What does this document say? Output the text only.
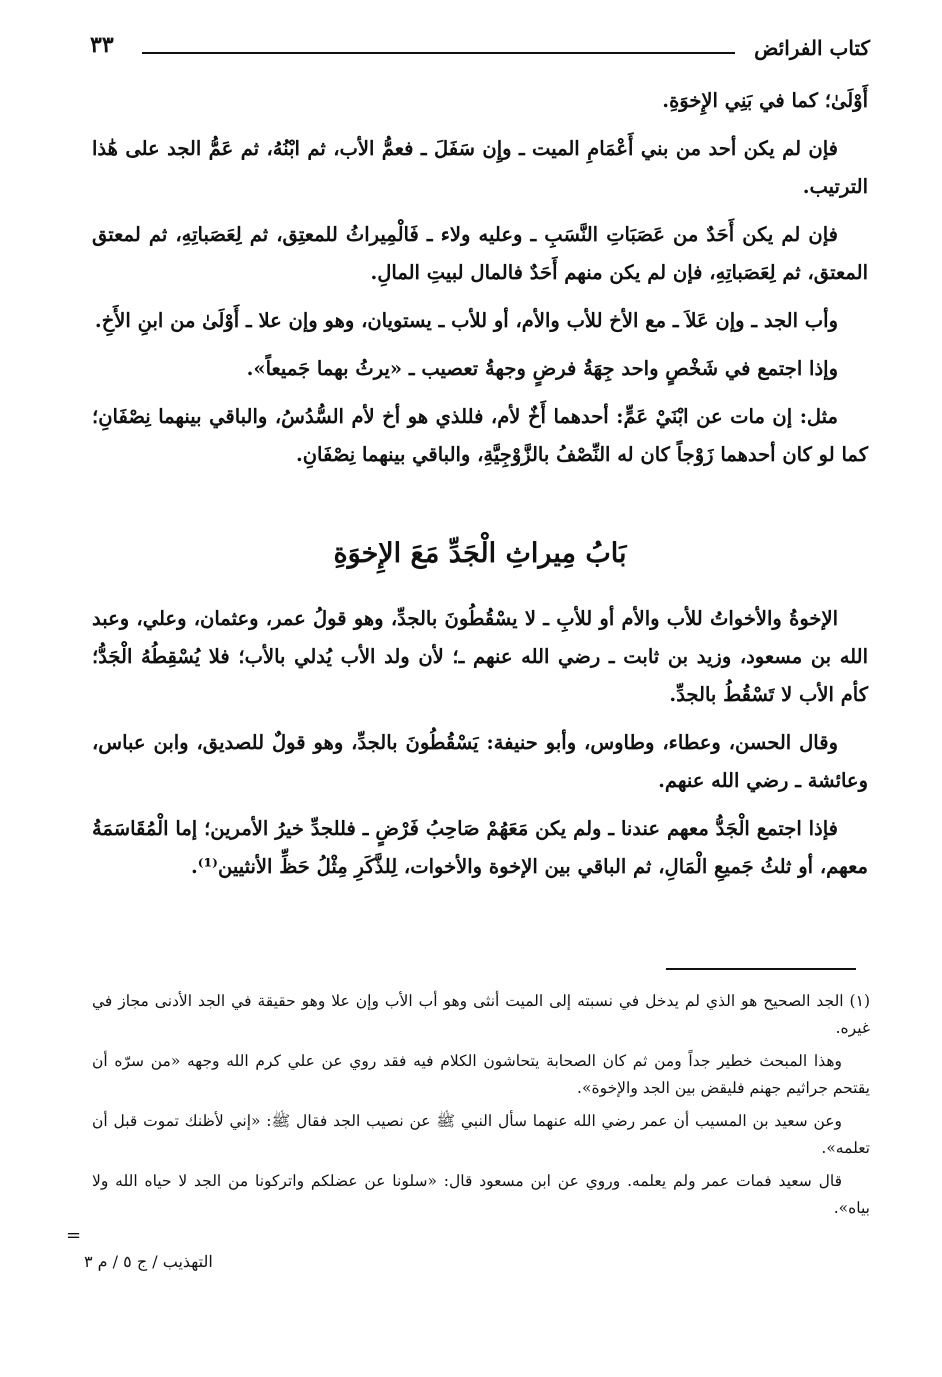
كتاب الفرائض
٣٣

أَوْلَىٰ؛ كما في بَنِي الإِخوَةِ.

فإن لم يكن أحد من بني أَعْمَامِ الميت ـ وإِن سَفَلَ ـ فعمُّ الأب، ثم ابْنُهُ، ثم عَمُّ الجد على هَٰذا الترتيب.

فإن لم يكن أَحَدٌ من عَصَبَاتِ النَّسَبِ ـ وعليه ولاء ـ فَالْمِيراثُ للمعتِق، ثم لِعَصَباتِهِ، ثم لمعتق المعتق، ثم لِعَصَباتِهِ، فإن لم يكن منهم أَحَدٌ فالمال لبيتِ المالِ.

وأب الجد ـ وإن عَلاَ ـ مع الأخ للأب والأم، أو للأب ـ يستويان، وهو وإن علا ـ أَوْلَىٰ من ابنِ الأَخِ.

وإذا اجتمع في شَخْصٍ واحد جِهَةُ فرضٍ وجهةُ تعصيب ـ «يرثُ بهما جَميعاً».

مثل: إن مات عن ابْنَيْ عَمٍّ: أحدهما أَخٌ لأم، فللذي هو أخ لأم السُّدُسُ، والباقي بينهما نِصْفَانِ؛ كما لو كان أحدهما زَوْجاً كان له النِّصْفُ بالزَّوْجِيَّةِ، والباقي بينهما نِصْفَانِ.

بَابُ مِيراثِ الْجَدِّ مَعَ الإِخوَةِ

الإخوةُ والأخواتُ للأب والأم أو للأبِ ـ لا يسْقُطُونَ بالجدِّ، وهو قولُ عمر، وعثمان، وعلي، وعبد الله بن مسعود، وزيد بن ثابت ـ رضي الله عنهم ـ؛ لأن ولد الأب يُدلي بالأب؛ فلا يُسْقِطُهُ الْجَدُّ؛ كأم الأب لا تَسْقُطُ بالجدِّ.

وقال الحسن، وعطاء، وطاوس، وأبو حنيفة: يَسْقُطُونَ بالجدِّ، وهو قولٌ للصديق، وابن عباس، وعائشة ـ رضي الله عنهم.

فإذا اجتمع الْجَدُّ معهم عندنا ـ ولم يكن مَعَهُمْ صَاحِبُ فَرْضٍ ـ فللجدِّ خيرُ الأمرين؛ إما الْمُقَاسَمَةُ معهم، أو ثلثُ جَميعِ الْمَالِ، ثم الباقي بين الإخوة والأخوات، لِلذَّكَرِ مِثْلُ حَظِّ الأنثيين⁽¹⁾.

(١) الجد الصحيح هو الذي لم يدخل في نسبته إلى الميت أنثى وهو أب الأب وإن علا وهو حقيقة في الجد الأدنى مجاز في غيره.

وهذا المبحث خطير جداً ومن ثم كان الصحابة يتحاشون الكلام فيه فقد روي عن علي كرم الله وجهه «من سرّه أن يقتحم جراثيم جهنم فليقض بين الجد والإخوة».

وعن سعيد بن المسيب أن عمر رضي الله عنهما سأل النبي ﷺ عن نصيب الجد فقال ﷺ: «إني لأظنك تموت قبل أن تعلمه».

قال سعيد فمات عمر ولم يعلمه. وروي عن ابن مسعود قال: «سلونا عن عضلكم واتركونا من الجد لا حياه الله ولا بياه».

=
التهذيب / ج ٥ / م ٣
